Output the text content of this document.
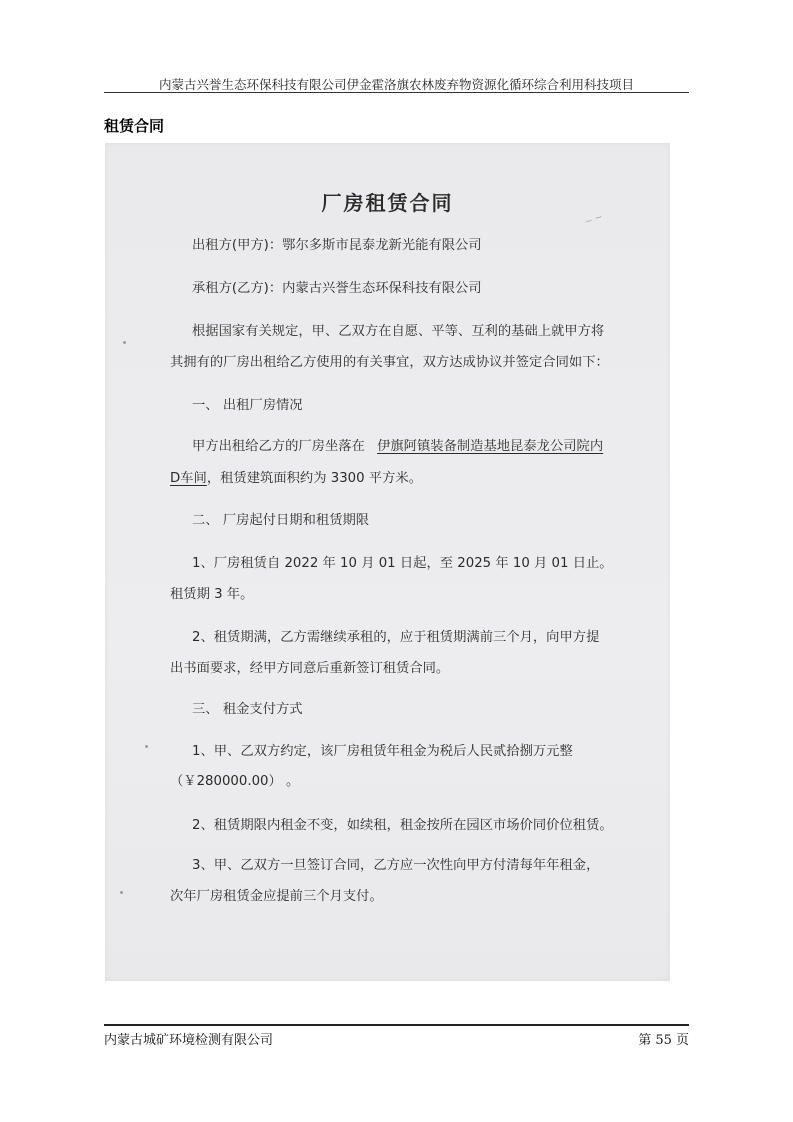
内蒙古兴誉生态环保科技有限公司伊金霍洛旗农林废弃物资源化循环综合利用科技项目
租赁合同
~ ~
厂房租赁合同
出租方(甲方)：鄂尔多斯市昆泰龙新光能有限公司
承租方(乙方)：内蒙古兴誉生态环保科技有限公司
根据国家有关规定，甲、乙双方在自愿、平等、互利的基础上就甲方将
其拥有的厂房出租给乙方使用的有关事宜，双方达成协议并签定合同如下：
一、 出租厂房情况
甲方出租给乙方的厂房坐落在 伊旗阿镇装备制造基地昆泰龙公司院内
D车间，租赁建筑面积约为 3300 平方米。
二、 厂房起付日期和租赁期限
1、厂房租赁自 2022 年 10 月 01 日起，至 2025 年 10 月 01 日止。
租赁期 3 年。
2、租赁期满，乙方需继续承租的，应于租赁期满前三个月，向甲方提
出书面要求，经甲方同意后重新签订租赁合同。
三、 租金支付方式
1、甲、乙双方约定，该厂房租赁年租金为税后人民贰拾捌万元整
（￥280000.00） 。
2、租赁期限内租金不变，如续租，租金按所在园区市场价同价位租赁。
3、甲、乙双方一旦签订合同，乙方应一次性向甲方付清每年年租金，
次年厂房租赁金应提前三个月支付。
内蒙古城矿环境检测有限公司	第 55 页
